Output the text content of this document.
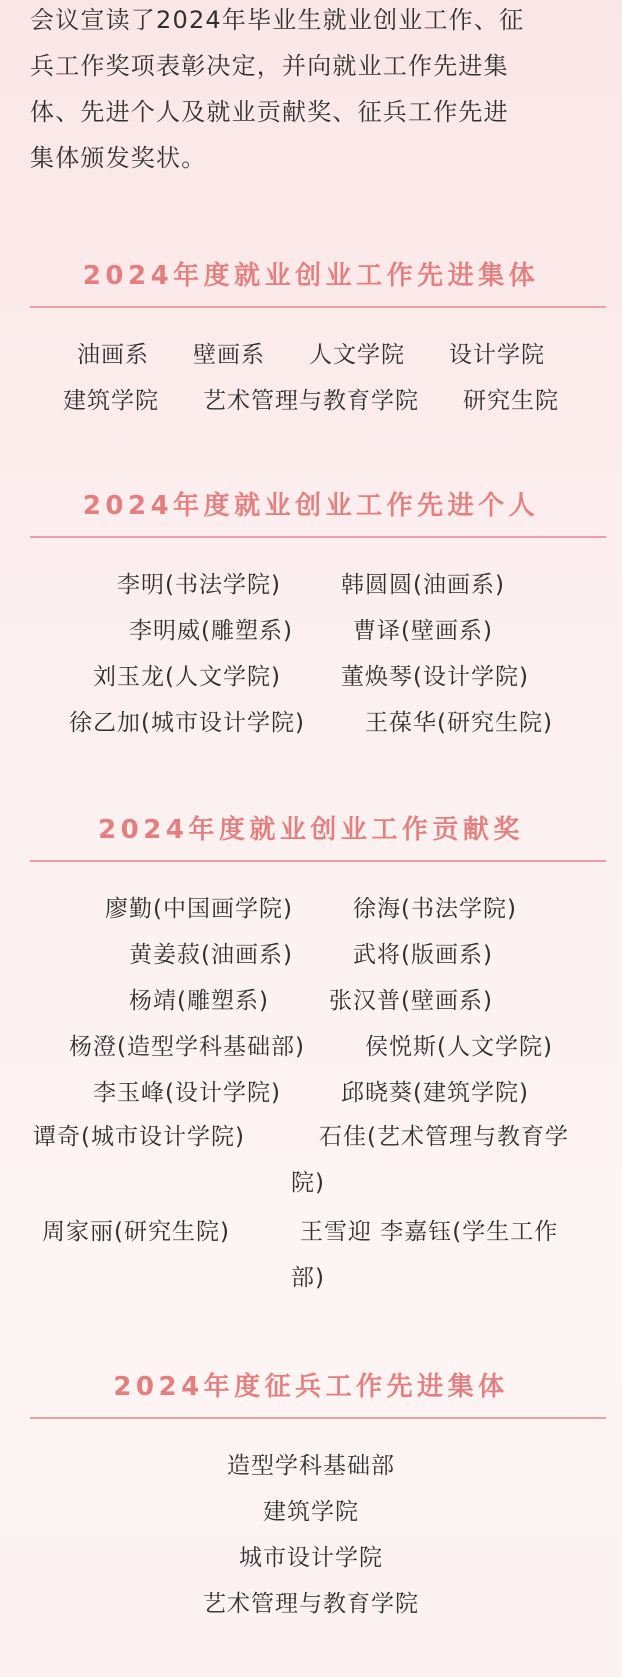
会议宣读了2024年毕业生就业创业工作、征
兵工作奖项表彰决定，并向就业工作先进集
体、先进个人及就业贡献奖、征兵工作先进
集体颁发奖状。
2024年度就业创业工作先进集体
油画系 壁画系 人文学院 设计学院
建筑学院 艺术管理与教育学院 研究生院
2024年度就业创业工作先进个人
李明(书法学院)	韩圆圆(油画系)
李明威(雕塑系)	曹译(壁画系)
刘玉龙(人文学院)	董焕琴(设计学院)
徐乙加(城市设计学院)	王葆华(研究生院)
2024年度就业创业工作贡献奖
廖勤(中国画学院)	徐海(书法学院)
黄姜菽(油画系)	武将(版画系)
杨靖(雕塑系)	张汉普(壁画系)
杨澄(造型学科基础部)	侯悦斯(人文学院)
李玉峰(设计学院)	邱晓葵(建筑学院)
谭奇(城市设计学院)	石佳(艺术管理与教育学
院)
周家丽(研究生院)	王雪迎 李嘉钰(学生工作
部)
2024年度征兵工作先进集体
造型学科基础部
建筑学院
城市设计学院
艺术管理与教育学院
